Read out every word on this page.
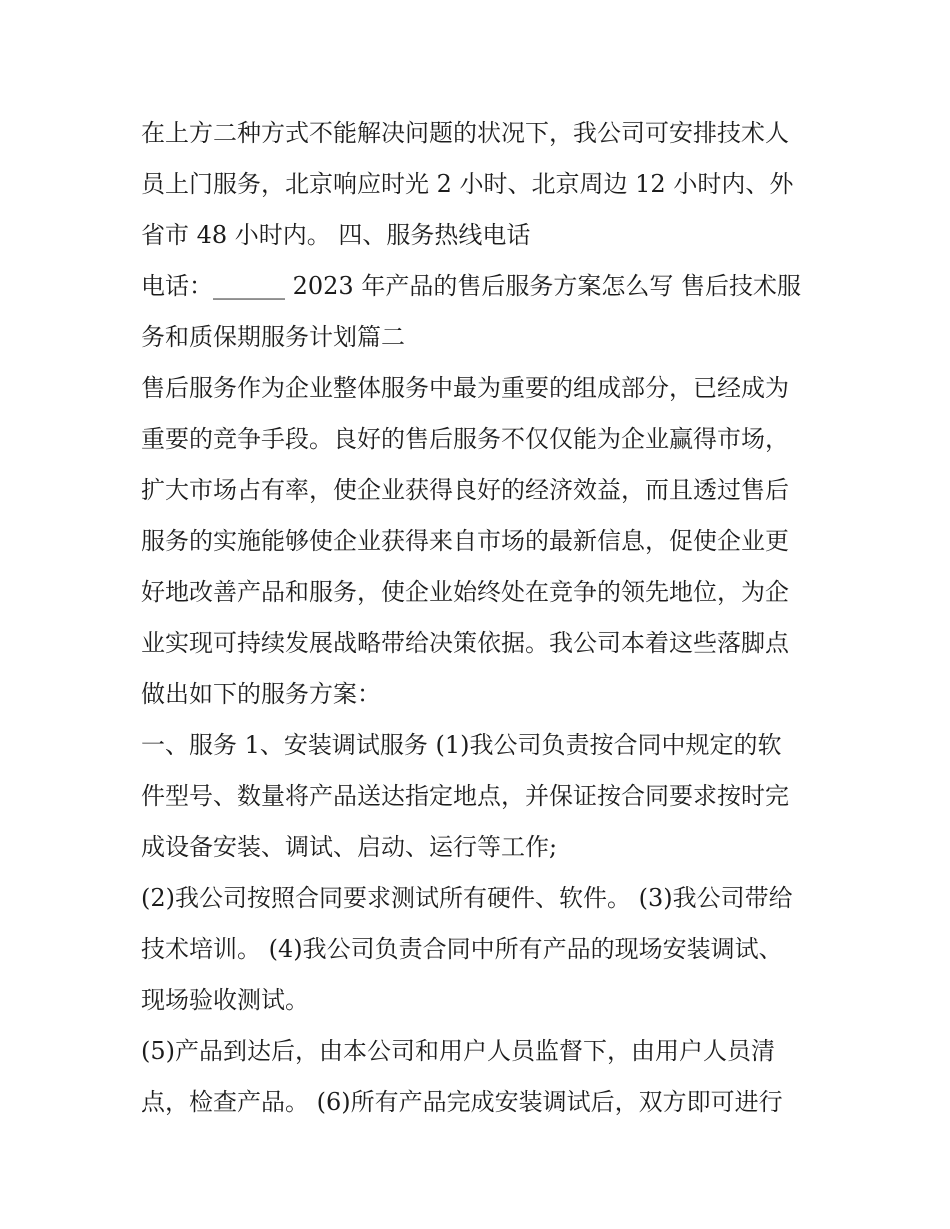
在上方二种方式不能解决问题的状况下，我公司可安排技术人
员上门服务，北京响应时光 2 小时、北京周边 12 小时内、外
省市 48 小时内。 四、服务热线电话
电话：______ 2023 年产品的售后服务方案怎么写 售后技术服
务和质保期服务计划篇二
售后服务作为企业整体服务中最为重要的组成部分，已经成为
重要的竞争手段。良好的售后服务不仅仅能为企业赢得市场，
扩大市场占有率，使企业获得良好的经济效益，而且透过售后
服务的实施能够使企业获得来自市场的最新信息，促使企业更
好地改善产品和服务，使企业始终处在竞争的领先地位，为企
业实现可持续发展战略带给决策依据。我公司本着这些落脚点
做出如下的服务方案：
一、服务 1、安装调试服务 (1)我公司负责按合同中规定的软
件型号、数量将产品送达指定地点，并保证按合同要求按时完
成设备安装、调试、启动、运行等工作;
(2)我公司按照合同要求测试所有硬件、软件。 (3)我公司带给
技术培训。 (4)我公司负责合同中所有产品的现场安装调试、
现场验收测试。
(5)产品到达后，由本公司和用户人员监督下，由用户人员清
点，检查产品。 (6)所有产品完成安装调试后，双方即可进行
